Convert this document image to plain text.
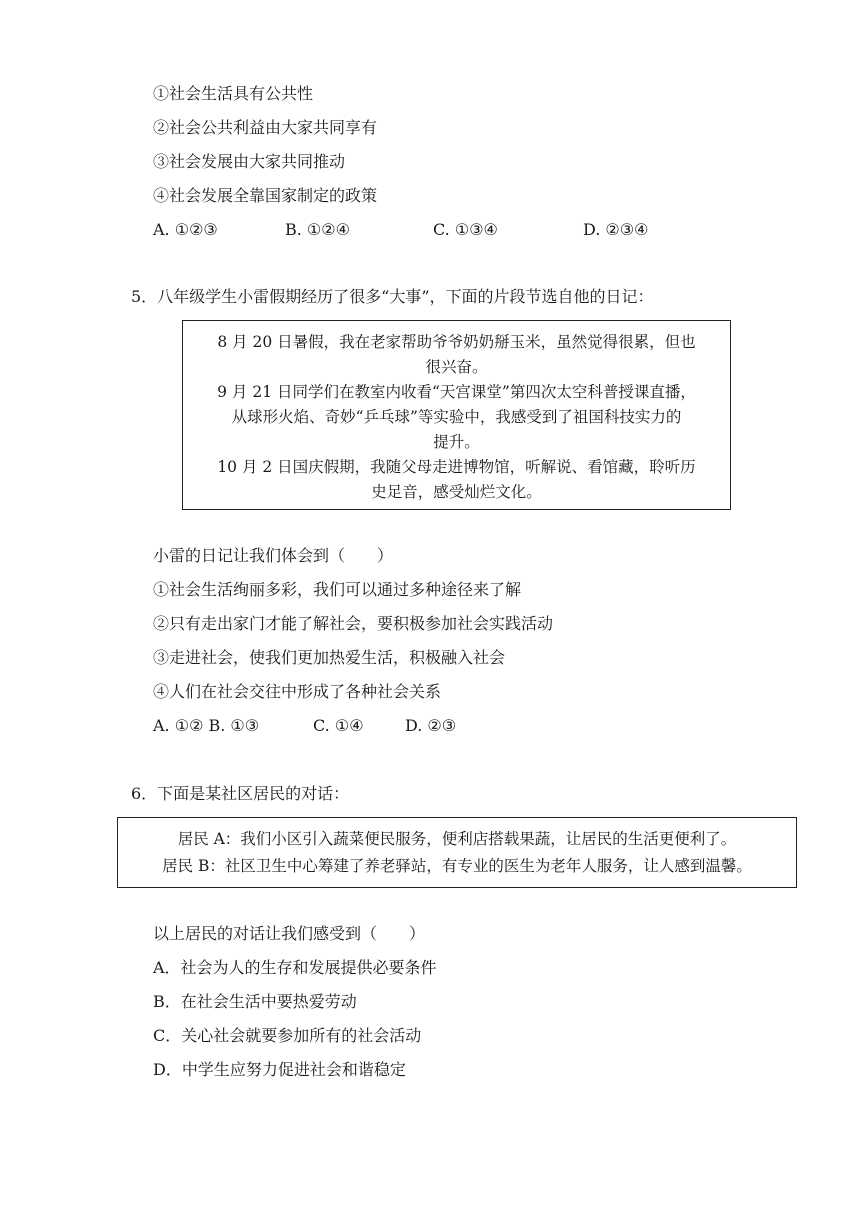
①社会生活具有公共性
②社会公共利益由大家共同享有
③社会发展由大家共同推动
④社会发展全靠国家制定的政策
A. ①②③	B. ①②④	C. ①③④	D. ②③④
5．八年级学生小雷假期经历了很多“大事”，下面的片段节选自他的日记：

8 月 20 日暑假，我在老家帮助爷爷奶奶掰玉米，虽然觉得很累，但也

很兴奋。

9 月 21 日同学们在教室内收看“天宫课堂”第四次太空科普授课直播，

从球形火焰、奇妙“乒乓球”等实验中，我感受到了祖国科技实力的

提升。

10 月 2 日国庆假期，我随父母走进博物馆，听解说、看馆藏，聆听历

史足音，感受灿烂文化。

小雷的日记让我们体会到（　　）
①社会生活绚丽多彩，我们可以通过多种途径来了解
②只有走出家门才能了解社会，要积极参加社会实践活动
③走进社会，使我们更加热爱生活，积极融入社会
④人们在社会交往中形成了各种社会关系
A. ①② B. ①③	C. ①④	D. ②③
6．下面是某社区居民的对话：

居民 A：我们小区引入蔬菜便民服务，便利店搭载果蔬，让居民的生活更便利了。

居民 B：社区卫生中心筹建了养老驿站，有专业的医生为老年人服务，让人感到温馨。

以上居民的对话让我们感受到（　　）
A．社会为人的生存和发展提供必要条件
B．在社会生活中要热爱劳动
C．关心社会就要参加所有的社会活动
D．中学生应努力促进社会和谐稳定
